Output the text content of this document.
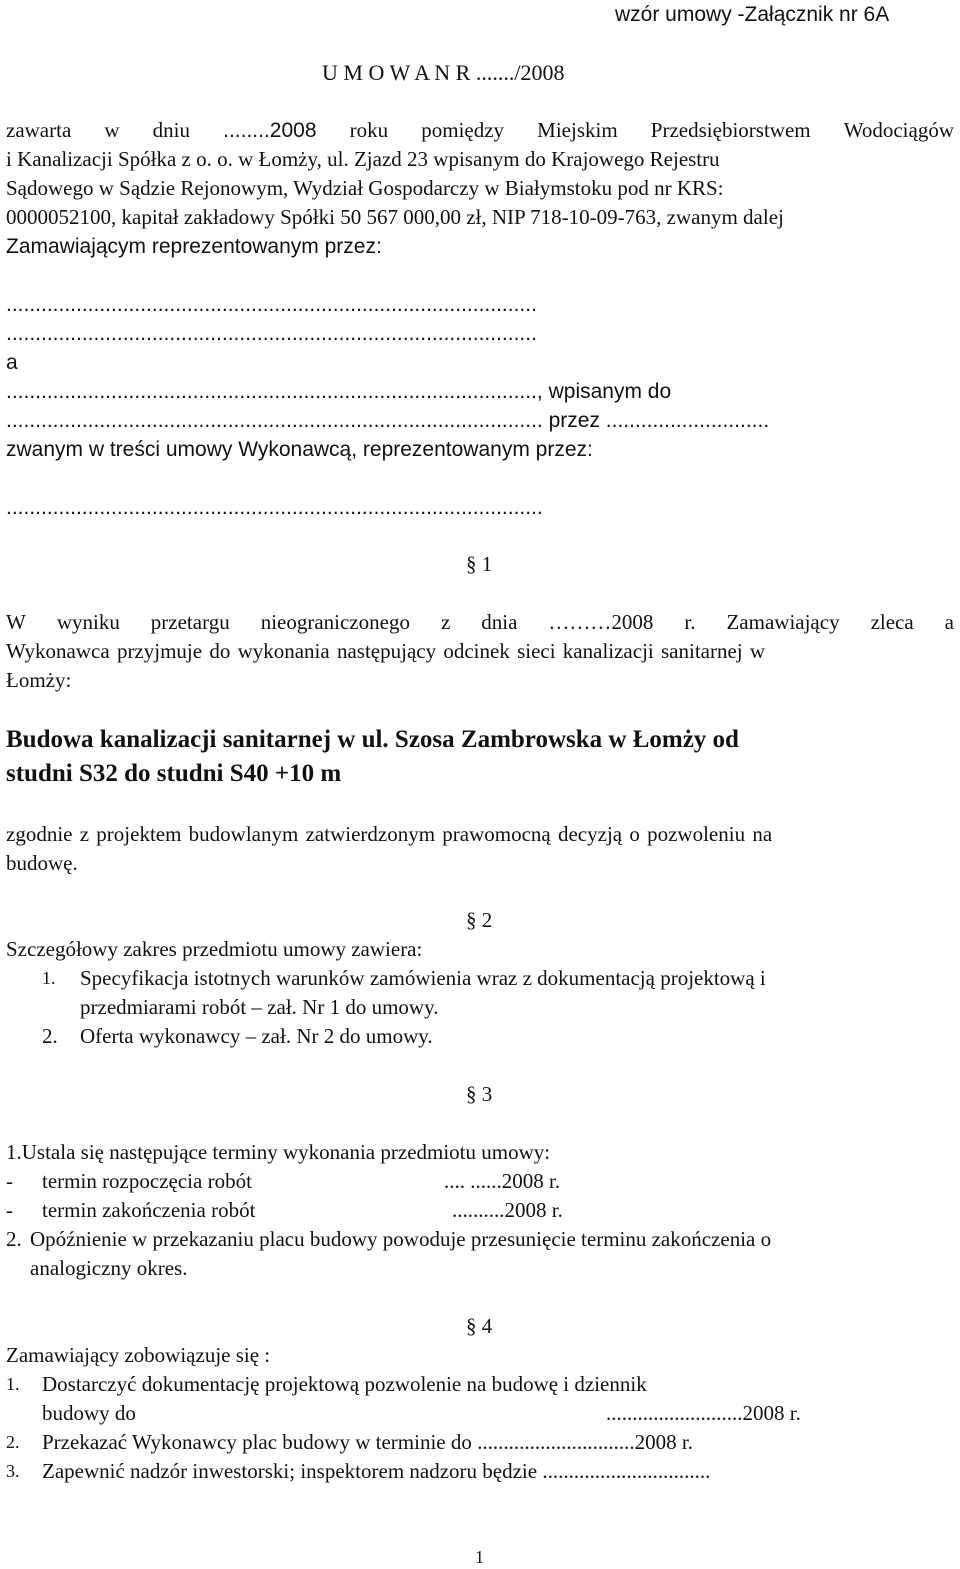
wzór umowy -Załącznik nr 6A
U M O W A N R ......./2008
zawarta w dniu ........2008 roku pomiędzy Miejskim Przedsiębiorstwem Wodociągów
i Kanalizacji Spółka z o. o. w Łomży, ul. Zjazd 23 wpisanym do Krajowego Rejestru
Sądowego w Sądzie Rejonowym, Wydział Gospodarczy w Białymstoku pod nr KRS:
0000052100, kapitał zakładowy Spółki 50 567 000,00 zł, NIP 718-10-09-763, zwanym dalej
Zamawiającym reprezentowanym przez:
...........................................................................................
...........................................................................................
a
..........................................................................................., wpisanym do
............................................................................................ przez ............................
zwanym w treści umowy Wykonawcą, reprezentowanym przez:
............................................................................................
§ 1
W wyniku przetargu nieograniczonego z dnia ………2008 r. Zamawiający zleca a
Wykonawca przyjmuje do wykonania następujący odcinek sieci kanalizacji sanitarnej w
Łomży:
Budowa kanalizacji sanitarnej w ul. Szosa Zambrowska w Łomży od
studni S32 do studni S40 +10 m
zgodnie z projektem budowlanym zatwierdzonym prawomocną decyzją o pozwoleniu na
budowę.
§ 2
Szczegółowy zakres przedmiotu umowy zawiera:
1. Specyfikacja istotnych warunków zamówienia wraz z dokumentacją projektową i
przedmiarami robót – zał. Nr 1 do umowy.
2. Oferta wykonawcy – zał. Nr 2 do umowy.
§ 3
1.Ustala się następujące terminy wykonania przedmiotu umowy:
- termin rozpoczęcia robót	.... ......2008 r.
- termin zakończenia robót	..........2008 r.
2. Opóźnienie w przekazaniu placu budowy powoduje przesunięcie terminu zakończenia o
analogiczny okres.
§ 4
Zamawiający zobowiązuje się :
1. Dostarczyć dokumentację projektową pozwolenie na budowę i dziennik
budowy do	..........................2008 r.
2. Przekazać Wykonawcy plac budowy w terminie do ..............................2008 r.
3. Zapewnić nadzór inwestorski; inspektorem nadzoru będzie ................................
1
